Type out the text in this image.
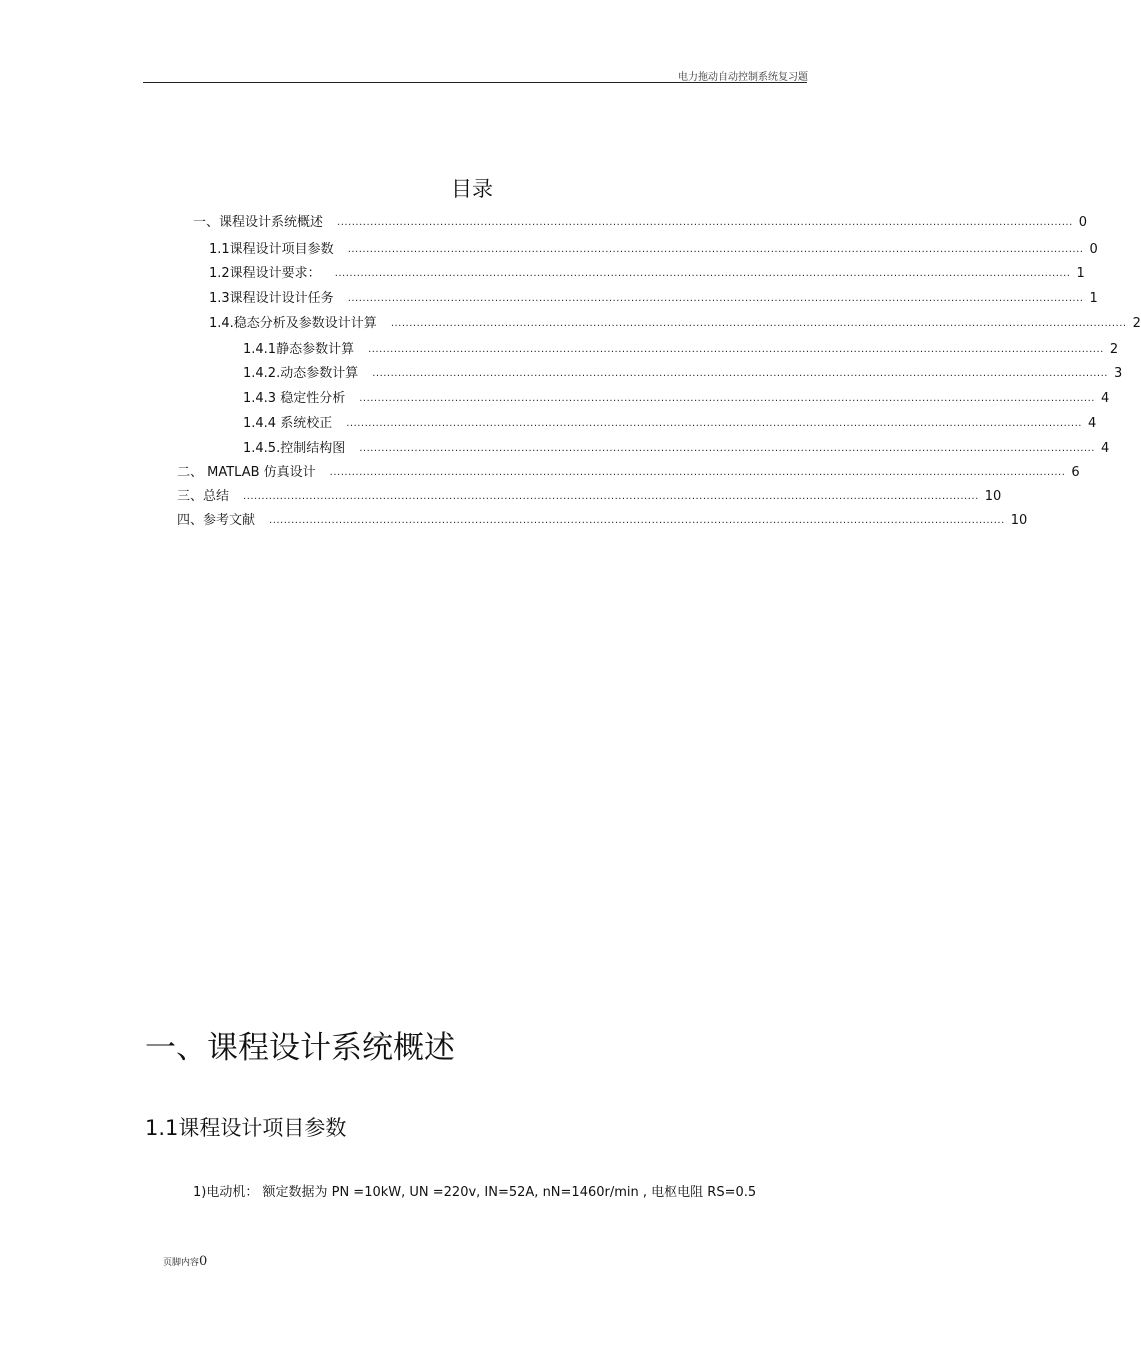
电力拖动自动控制系统复习题
目录
一、课程设计系统概述 ........................................................................................................................................................................................................ 0
1.1课程设计项目参数 ........................................................................................................................................................................................................ 0
1.2课程设计要求： ........................................................................................................................................................................................................ 1
1.3课程设计设计任务 ........................................................................................................................................................................................................ 1
1.4.稳态分析及参数设计计算 ........................................................................................................................................................................................................ 2
1.4.1静态参数计算 ........................................................................................................................................................................................................ 2
1.4.2.动态参数计算 ........................................................................................................................................................................................................ 3
1.4.3 稳定性分析 ........................................................................................................................................................................................................ 4
1.4.4 系统校正 ........................................................................................................................................................................................................ 4
1.4.5.控制结构图 ........................................................................................................................................................................................................ 4
二、 MATLAB 仿真设计 ........................................................................................................................................................................................................ 6
三、总结 ........................................................................................................................................................................................................ 10
四、参考文献 ........................................................................................................................................................................................................ 10
一、课程设计系统概述
1.1课程设计项目参数
1)电动机： 额定数据为 PN =10kW, UN =220v, IN=52A, nN=1460r/min , 电枢电阻 RS=0.5
页脚内容0
